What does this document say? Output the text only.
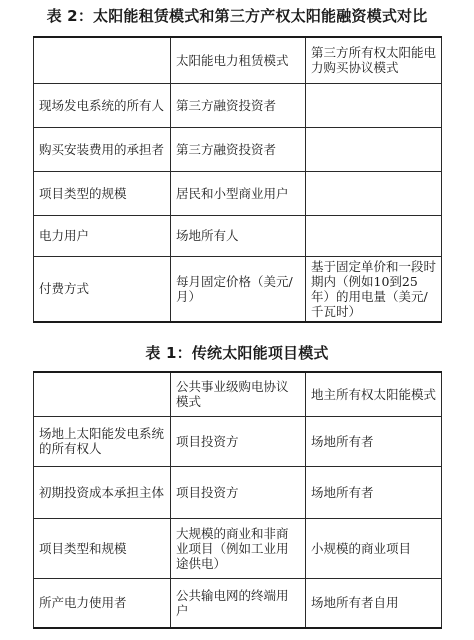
表 2：太阳能租赁模式和第三方产权太阳能融资模式对比
	太阳能电力租赁模式	第三方所有权太阳能电力购买协议模式
现场发电系统的所有人	第三方融资投资者	
购买安装费用的承担者	第三方融资投资者	
项目类型的规模	居民和小型商业用户	
电力用户	场地所有人	
付费方式	每月固定价格（美元/月）	基于固定单价和一段时期内（例如10到25年）的用电量（美元/千瓦时）
表 1：传统太阳能项目模式
	公共事业级购电协议模式	地主所有权太阳能模式
场地上太阳能发电系统的所有权人	项目投资方	场地所有者
初期投资成本承担主体	项目投资方	场地所有者
项目类型和规模	大规模的商业和非商业项目（例如工业用途供电）	小规模的商业项目
所产电力使用者	公共输电网的终端用户	场地所有者自用
